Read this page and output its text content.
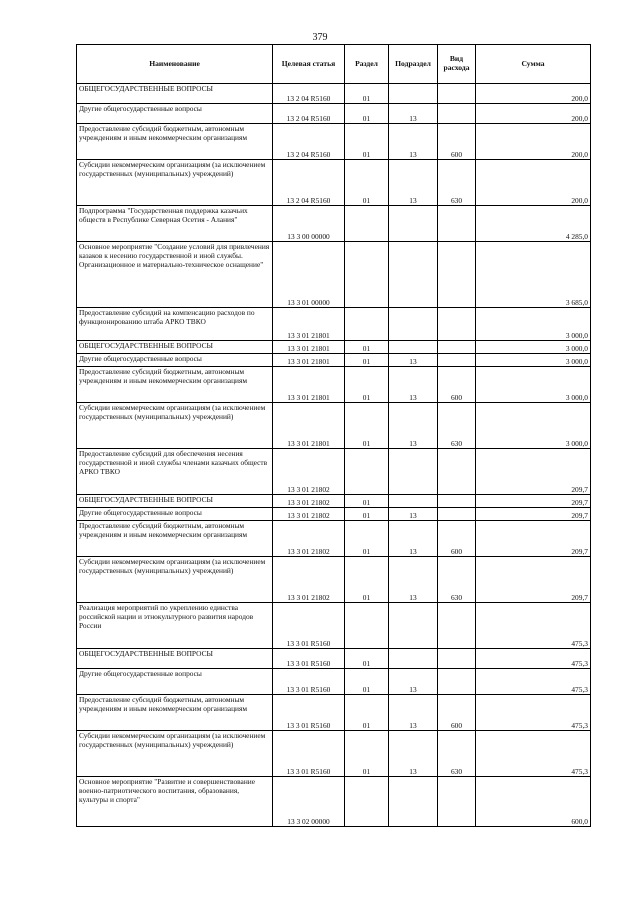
379
Наименование	Целевая статья	Раздел	Подраздел	Вид расхода	Сумма
ОБЩЕГОСУДАРСТВЕННЫЕ ВОПРОСЫ	13 2 04 R5160	01			200,0
Другие общегосударственные вопросы	13 2 04 R5160	01	13		200,0
Предоставление субсидий бюджетным, автономным учреждениям и иным некоммерческим организациям	13 2 04 R5160	01	13	600	200,0
Субсидии некоммерческим организациям (за исключением государственных (муниципальных) учреждений)	13 2 04 R5160	01	13	630	200,0
Подпрограмма "Государственная поддержка казачьих обществ в Республике Северная Осетия - Алания"	13 3 00 00000				4 285,0
Основное мероприятие "Создание условий для привлечения казаков к несению государственной и иной службы. Организационное и материально-техническое оснащение"	13 3 01 00000				3 685,0
Предоставление субсидий на компенсацию расходов по функционированию штаба АРКО ТВКО	13 3 01 21801				3 000,0
ОБЩЕГОСУДАРСТВЕННЫЕ ВОПРОСЫ	13 3 01 21801	01			3 000,0
Другие общегосударственные вопросы	13 3 01 21801	01	13		3 000,0
Предоставление субсидий бюджетным, автономным учреждениям и иным некоммерческим организациям	13 3 01 21801	01	13	600	3 000,0
Субсидии некоммерческим организациям (за исключением государственных (муниципальных) учреждений)	13 3 01 21801	01	13	630	3 000,0
Предоставление субсидий для обеспечения несения государственной и иной службы членами казачьих обществ АРКО ТВКО	13 3 01 21802				209,7
ОБЩЕГОСУДАРСТВЕННЫЕ ВОПРОСЫ	13 3 01 21802	01			209,7
Другие общегосударственные вопросы	13 3 01 21802	01	13		209,7
Предоставление субсидий бюджетным, автономным учреждениям и иным некоммерческим организациям	13 3 01 21802	01	13	600	209,7
Субсидии некоммерческим организациям (за исключением государственных (муниципальных) учреждений)	13 3 01 21802	01	13	630	209,7
Реализация мероприятий по укреплению единства российской нации и этнокультурного развития народов России	13 3 01 R5160				475,3
ОБЩЕГОСУДАРСТВЕННЫЕ ВОПРОСЫ	13 3 01 R5160	01			475,3
Другие общегосударственные вопросы	13 3 01 R5160	01	13		475,3
Предоставление субсидий бюджетным, автономным учреждениям и иным некоммерческим организациям	13 3 01 R5160	01	13	600	475,3
Субсидии некоммерческим организациям (за исключением государственных (муниципальных) учреждений)	13 3 01 R5160	01	13	630	475,3
Основное мероприятие "Развитие и совершенствование военно-патриотического воспитания, образования, культуры и спорта"	13 3 02 00000				600,0
